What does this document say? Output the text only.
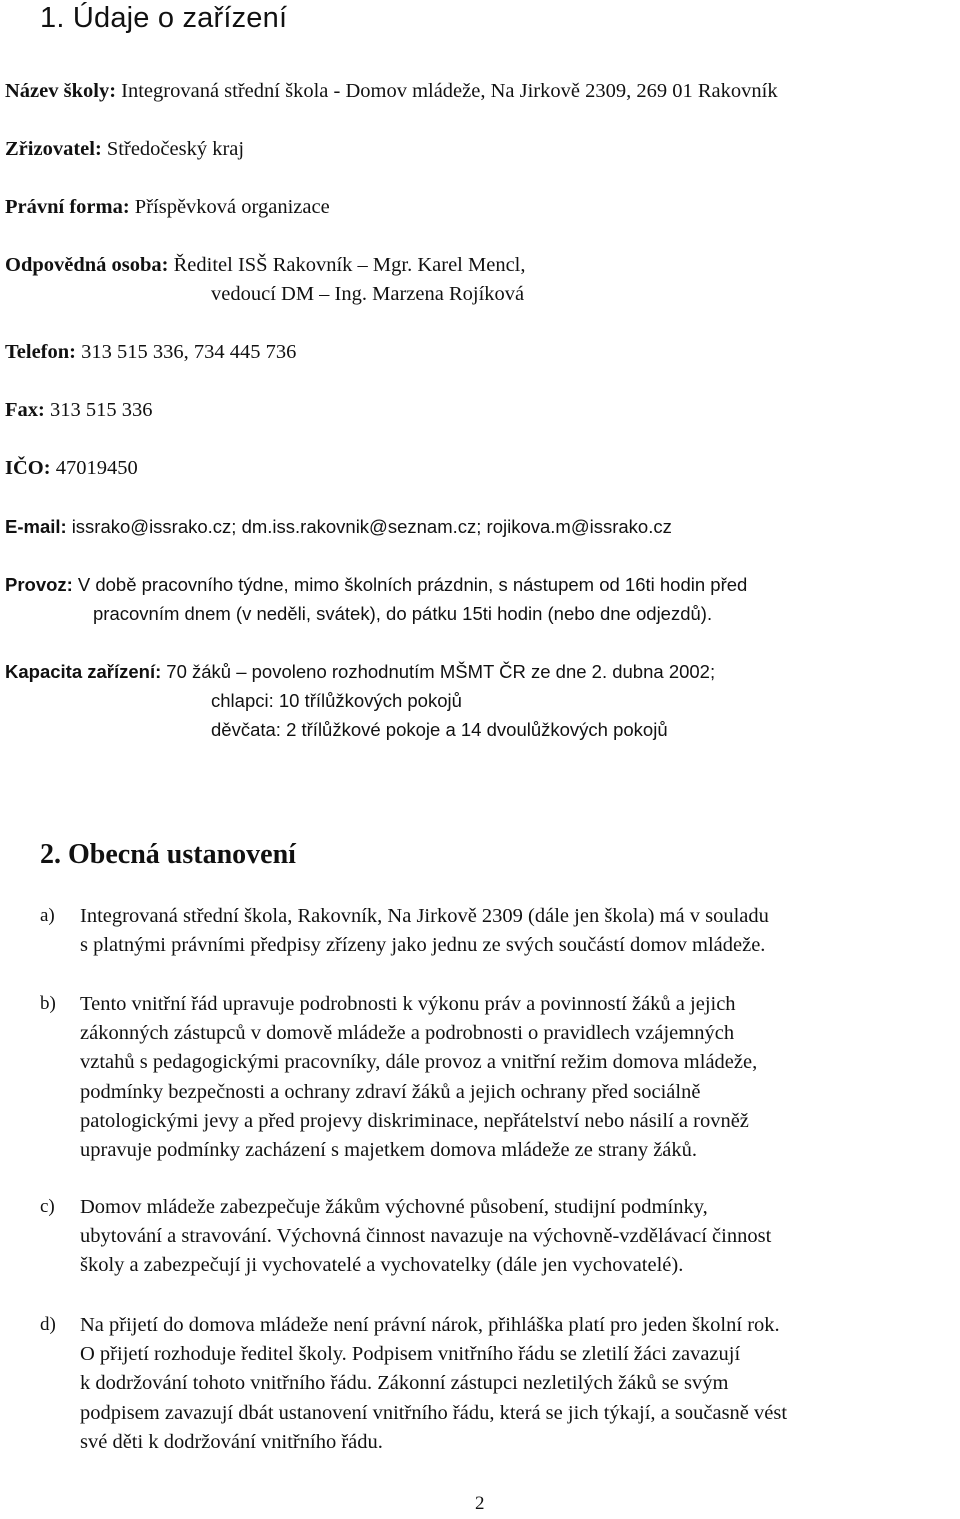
1. Údaje o zařízení
Název školy: Integrovaná střední škola - Domov mládeže, Na Jirkově 2309, 269 01 Rakovník
Zřizovatel: Středočeský kraj
Právní forma: Příspěvková organizace
Odpovědná osoba: Ředitel ISŠ Rakovník – Mgr. Karel Mencl,
vedoucí DM – Ing. Marzena Rojíková
Telefon: 313 515 336, 734 445 736
Fax: 313 515 336
IČO: 47019450
E-mail: issrako@issrako.cz; dm.iss.rakovnik@seznam.cz; rojikova.m@issrako.cz
Provoz: V době pracovního týdne, mimo školních prázdnin, s nástupem od 16ti hodin před
pracovním dnem (v neděli, svátek), do pátku 15ti hodin (nebo dne odjezdů).
Kapacita zařízení: 70 žáků – povoleno rozhodnutím MŠMT ČR ze dne 2. dubna 2002;
chlapci: 10 třílůžkových pokojů
děvčata: 2 třílůžkové pokoje a 14 dvoulůžkových pokojů
2. Obecná ustanovení
a) Integrovaná střední škola, Rakovník, Na Jirkově 2309 (dále jen škola) má v souladu
s platnými právními předpisy zřízeny jako jednu ze svých součástí domov mládeže.
b) Tento vnitřní řád upravuje podrobnosti k výkonu práv a povinností žáků a jejich
zákonných zástupců v domově mládeže a podrobnosti o pravidlech vzájemných
vztahů s pedagogickými pracovníky, dále provoz a vnitřní režim domova mládeže,
podmínky bezpečnosti a ochrany zdraví žáků a jejich ochrany před sociálně
patologickými jevy a před projevy diskriminace, nepřátelství nebo násilí a rovněž
upravuje podmínky zacházení s majetkem domova mládeže ze strany žáků.
c) Domov mládeže zabezpečuje žákům výchovné působení, studijní podmínky,
ubytování a stravování. Výchovná činnost navazuje na výchovně-vzdělávací činnost
školy a zabezpečují ji vychovatelé a vychovatelky (dále jen vychovatelé).
d) Na přijetí do domova mládeže není právní nárok, přihláška platí pro jeden školní rok.
O přijetí rozhoduje ředitel školy. Podpisem vnitřního řádu se zletilí žáci zavazují
k dodržování tohoto vnitřního řádu. Zákonní zástupci nezletilých žáků se svým
podpisem zavazují dbát ustanovení vnitřního řádu, která se jich týkají, a současně vést
své děti k dodržování vnitřního řádu.
2
